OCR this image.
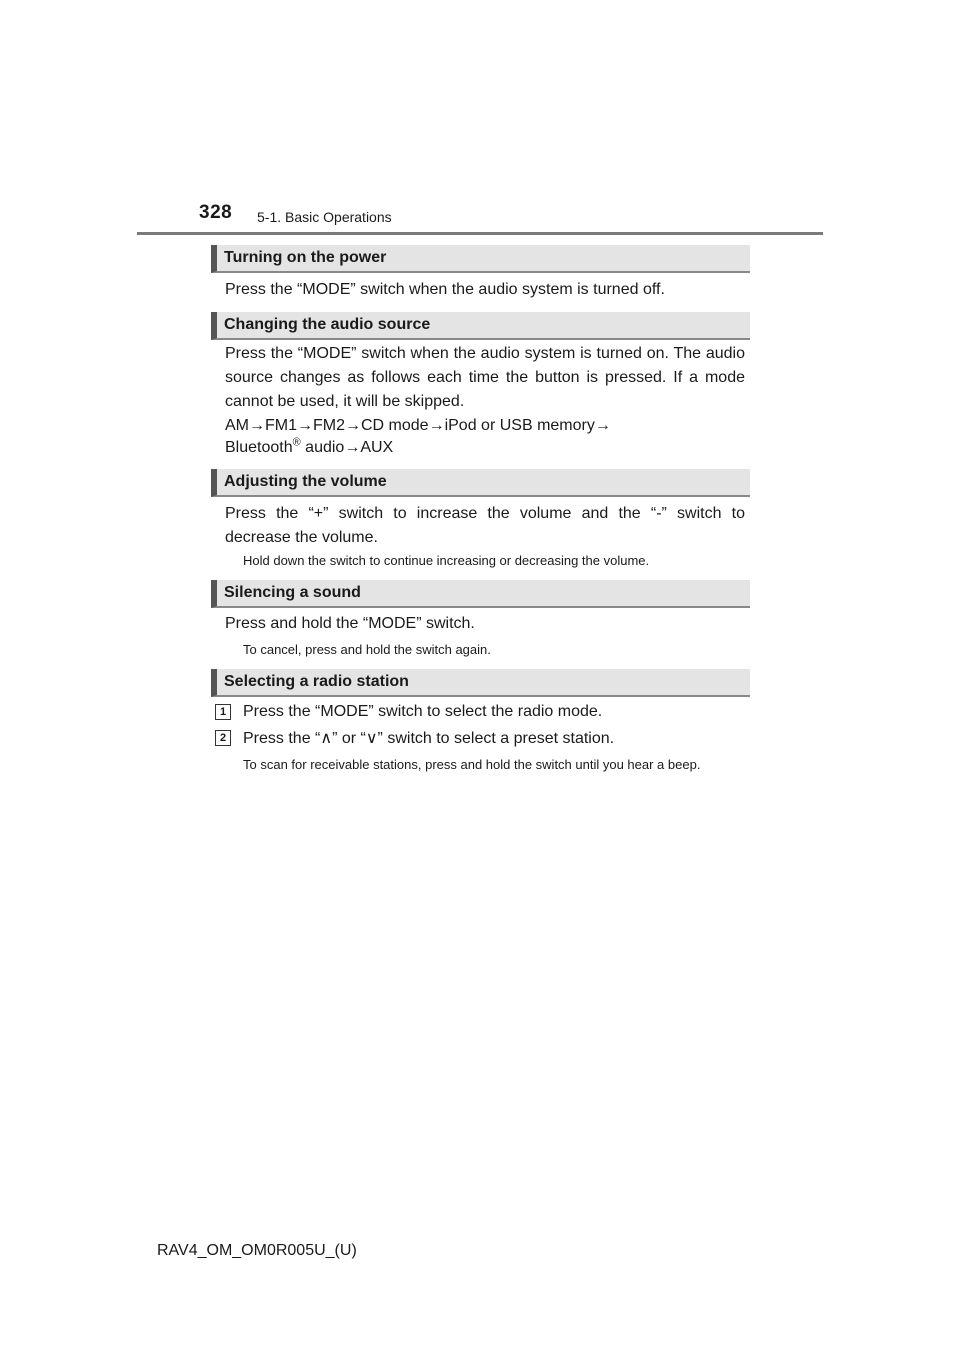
328 5-1. Basic Operations
Turning on the power
Press the “MODE” switch when the audio system is turned off.
Changing the audio source
Press the “MODE” switch when the audio system is turned on. The audio source changes as follows each time the button is pressed. If a mode cannot be used, it will be skipped.
AM→FM1→FM2→CD mode→iPod or USB memory→
Bluetooth® audio→AUX
Adjusting the volume
Press the “+” switch to increase the volume and the “-” switch to decrease the volume.
Hold down the switch to continue increasing or decreasing the volume.
Silencing a sound
Press and hold the “MODE” switch.
To cancel, press and hold the switch again.
Selecting a radio station
1	Press the “MODE” switch to select the radio mode.
2	Press the “∧” or “∨” switch to select a preset station.
To scan for receivable stations, press and hold the switch until you hear a beep.
RAV4_OM_OM0R005U_(U)
